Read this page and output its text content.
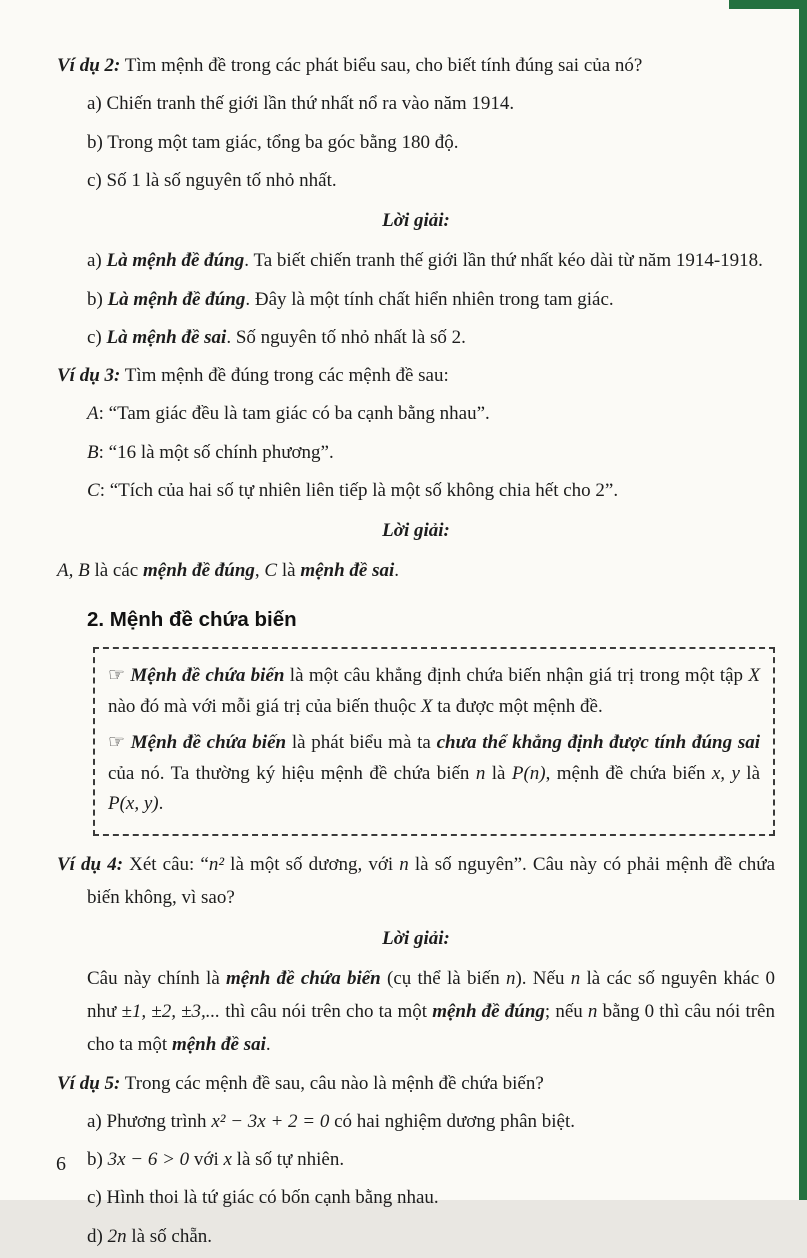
Ví dụ 2: Tìm mệnh đề trong các phát biểu sau, cho biết tính đúng sai của nó?
a) Chiến tranh thế giới lần thứ nhất nổ ra vào năm 1914.
b) Trong một tam giác, tổng ba góc bằng 180 độ.
c) Số 1 là số nguyên tố nhỏ nhất.
Lời giải:
a) Là mệnh đề đúng. Ta biết chiến tranh thế giới lần thứ nhất kéo dài từ năm 1914-1918.
b) Là mệnh đề đúng. Đây là một tính chất hiển nhiên trong tam giác.
c) Là mệnh đề sai. Số nguyên tố nhỏ nhất là số 2.
Ví dụ 3: Tìm mệnh đề đúng trong các mệnh đề sau:
A: “Tam giác đều là tam giác có ba cạnh bằng nhau”.
B: “16 là một số chính phương”.
C: “Tích của hai số tự nhiên liên tiếp là một số không chia hết cho 2”.
Lời giải:
A, B là các mệnh đề đúng, C là mệnh đề sai.
2. Mệnh đề chứa biến
☞ Mệnh đề chứa biến là một câu khẳng định chứa biến nhận giá trị trong một tập X nào đó mà với mỗi giá trị của biến thuộc X ta được một mệnh đề.
☞ Mệnh đề chứa biến là phát biểu mà ta chưa thể khẳng định được tính đúng sai của nó. Ta thường ký hiệu mệnh đề chứa biến n là P(n), mệnh đề chứa biến x, y là P(x, y).
Ví dụ 4: Xét câu: “n² là một số dương, với n là số nguyên”. Câu này có phải mệnh đề chứa biến không, vì sao?
Lời giải:
Câu này chính là mệnh đề chứa biến (cụ thể là biến n). Nếu n là các số nguyên khác 0 như ±1, ±2, ±3,... thì câu nói trên cho ta một mệnh đề đúng; nếu n bằng 0 thì câu nói trên cho ta một mệnh đề sai.
Ví dụ 5: Trong các mệnh đề sau, câu nào là mệnh đề chứa biến?
a) Phương trình x² − 3x + 2 = 0 có hai nghiệm dương phân biệt.
b) 3x − 6 > 0 với x là số tự nhiên.
c) Hình thoi là tứ giác có bốn cạnh bằng nhau.
d) 2n là số chẵn.
6
